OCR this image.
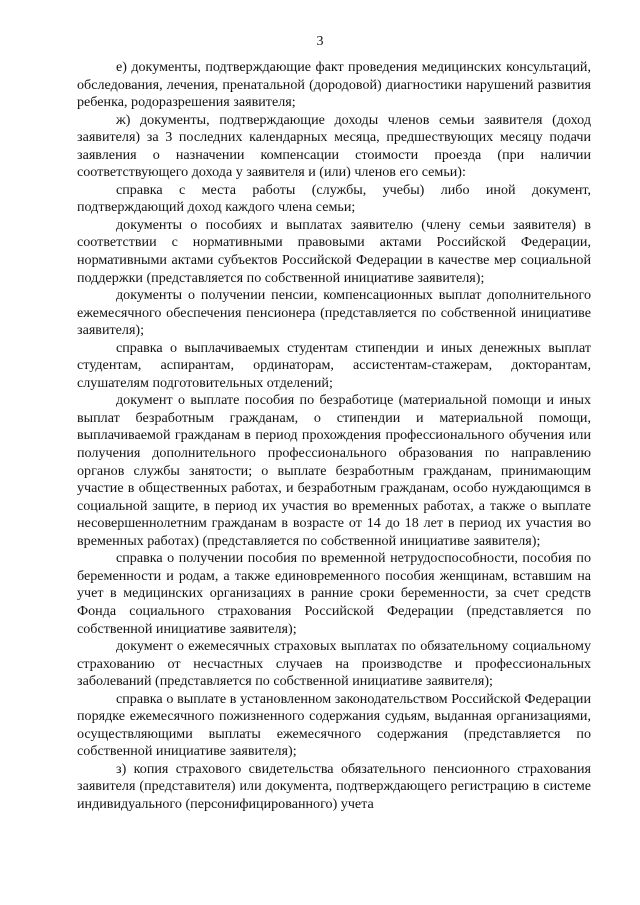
3

е) документы, подтверждающие факт проведения медицинских консультаций, обследования, лечения, пренатальной (дородовой) диагностики нарушений развития ребенка, родоразрешения заявителя;

ж) документы, подтверждающие доходы членов семьи заявителя (доход заявителя) за 3 последних календарных месяца, предшествующих месяцу подачи заявления о назначении компенсации стоимости проезда (при наличии соответствующего дохода у заявителя и (или) членов его семьи):

справка с места работы (службы, учебы) либо иной документ, подтверждающий доход каждого члена семьи;

документы о пособиях и выплатах заявителю (члену семьи заявителя) в соответствии с нормативными правовыми актами Российской Федерации, нормативными актами субъектов Российской Федерации в качестве мер социальной поддержки (представляется по собственной инициативе заявителя);

документы о получении пенсии, компенсационных выплат дополнительного ежемесячного обеспечения пенсионера (представляется по собственной инициативе заявителя);

справка о выплачиваемых студентам стипендии и иных денежных выплат студентам, аспирантам, ординаторам, ассистентам-стажерам, докторантам, слушателям подготовительных отделений;

документ о выплате пособия по безработице (материальной помощи и иных выплат безработным гражданам, о стипендии и материальной помощи, выплачиваемой гражданам в период прохождения профессионального обучения или получения дополнительного профессионального образования по направлению органов службы занятости; о выплате безработным гражданам, принимающим участие в общественных работах, и безработным гражданам, особо нуждающимся в социальной защите, в период их участия во временных работах, а также о выплате несовершеннолетним гражданам в возрасте от 14 до 18 лет в период их участия во временных работах) (представляется по собственной инициативе заявителя);

справка о получении пособия по временной нетрудоспособности, пособия по беременности и родам, а также единовременного пособия женщинам, вставшим на учет в медицинских организациях в ранние сроки беременности, за счет средств Фонда социального страхования Российской Федерации (представляется по собственной инициативе заявителя);

документ о ежемесячных страховых выплатах по обязательному социальному страхованию от несчастных случаев на производстве и профессиональных заболеваний (представляется по собственной инициативе заявителя);

справка о выплате в установленном законодательством Российской Федерации порядке ежемесячного пожизненного содержания судьям, выданная организациями, осуществляющими выплаты ежемесячного содержания (представляется по собственной инициативе заявителя);

з) копия страхового свидетельства обязательного пенсионного страхования заявителя (представителя) или документа, подтверждающего регистрацию в системе индивидуального (персонифицированного) учета
